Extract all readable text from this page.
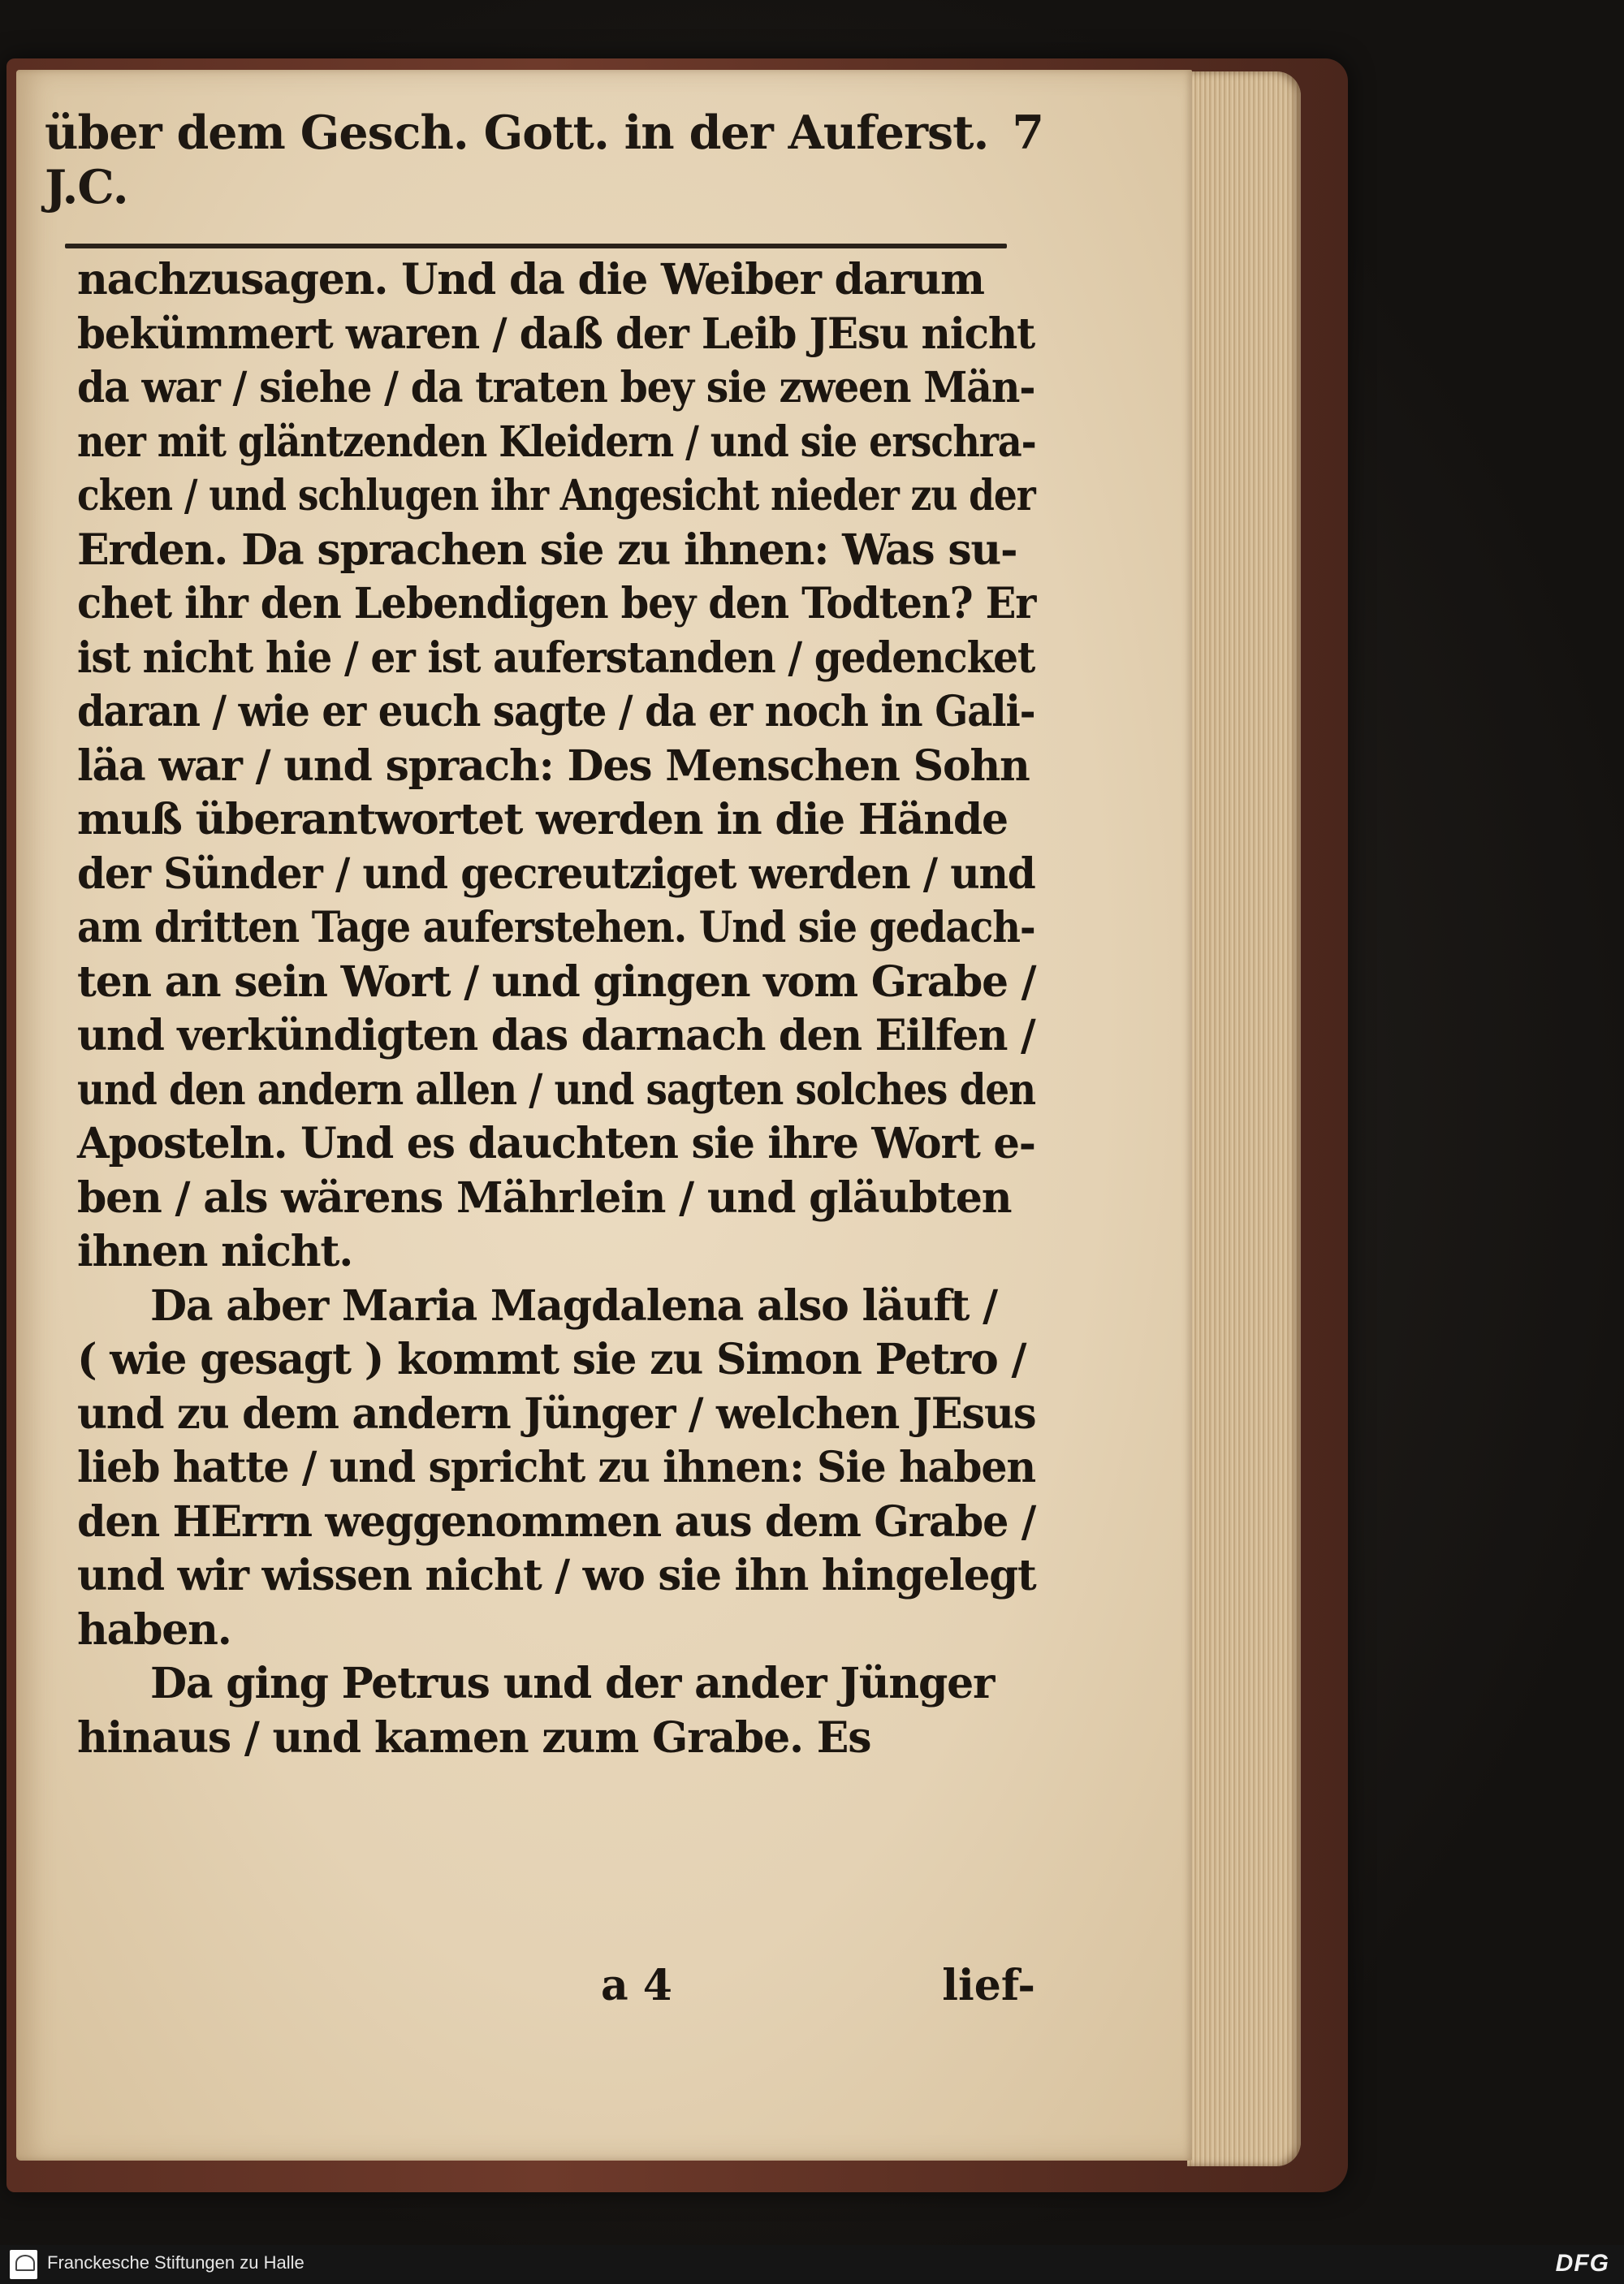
über dem Gesch. Gott. in der Auferst. J.C.
7
nachzusagen. Und da die Weiber darum
bekümmert waren / daß der Leib JEsu nicht
da war / siehe / da traten bey sie zween Män-
ner mit gläntzenden Kleidern / und sie erschra-
cken / und schlugen ihr Angesicht nieder zu der
Erden. Da sprachen sie zu ihnen: Was su-
chet ihr den Lebendigen bey den Todten? Er
ist nicht hie / er ist auferstanden / gedencket
daran / wie er euch sagte / da er noch in Gali-
läa war / und sprach: Des Menschen Sohn
muß überantwortet werden in die Hände
der Sünder / und gecreutziget werden / und
am dritten Tage auferstehen. Und sie gedach-
ten an sein Wort / und gingen vom Grabe /
und verkündigten das darnach den Eilfen /
und den andern allen / und sagten solches den
Aposteln. Und es dauchten sie ihre Wort e-
ben / als wärens Mährlein / und gläubten
ihnen nicht.
Da aber Maria Magdalena also läuft /
( wie gesagt ) kommt sie zu Simon Petro /
und zu dem andern Jünger / welchen JEsus
lieb hatte / und spricht zu ihnen: Sie haben
den HErrn weggenommen aus dem Grabe /
und wir wissen nicht / wo sie ihn hingelegt
haben.
Da ging Petrus und der ander Jünger
hinaus / und kamen zum Grabe. Es
a 4	lief-
Franckesche Stiftungen zu Halle	DFG
